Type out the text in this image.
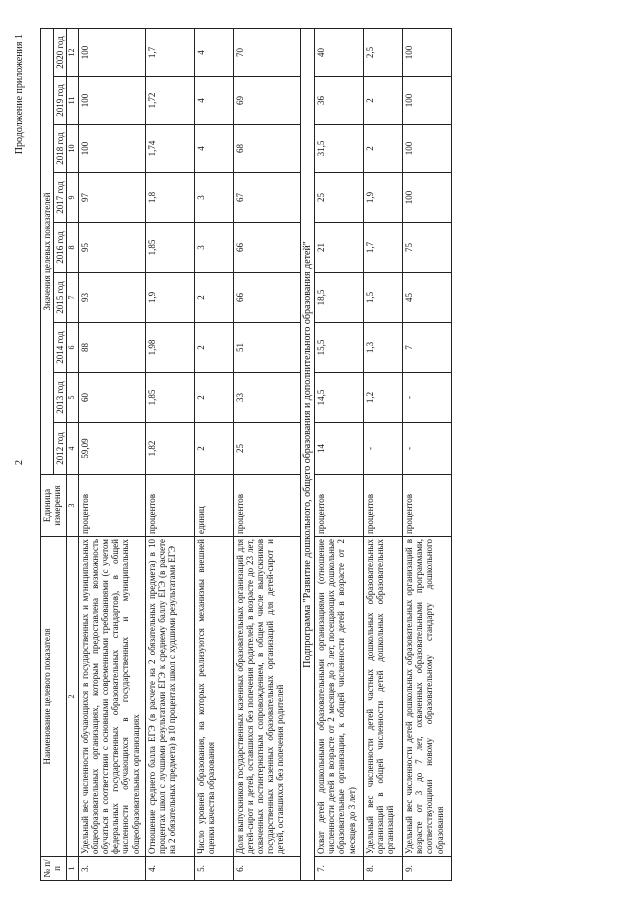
2
Продолжение приложения 1
№ п/п	Наименование целевого показателя	Единица измерения	Значения целевых показателей								
			2012 год	2013 год	2014 год	2015 год	2016 год	2017 год	2018 год	2019 год	2020 год
1	2	3	4	5	6	7	8	9	10	11	12
3.	Удельный вес численности обучающихся в государственных и муниципальных общеобразовательных организациях, которым предоставлена возможность обучаться в соответствии с основными современными требованиями (с учетом федеральных государственных образовательных стандартов), в общей численности обучающихся в государственных и муниципальных общеобразовательных организациях	процентов	59,09	60	88	93	95	97	100	100	100
4.	Отношение среднего балла ЕГЭ (в расчете на 2 обязательных предмета) в 10 процентах школ с лучшими результатами ЕГЭ к среднему баллу ЕГЭ (в расчете на 2 обязательных предмета) в 10 процентах школ с худшими результатами ЕГЭ	процентов	1,82	1,85	1,98	1,9	1,85	1,8	1,74	1,72	1,7
5.	Число уровней образования, на которых реализуются механизмы внешней оценки качества образования	единиц	2	2	2	2	3	3	4	4	4
6.	Доля выпускников государственных казенных образовательных организаций для детей-сирот и детей, оставшихся без попечения родителей, в возрасте до 23 лет, охваченных постинтернатным сопровождением, в общем числе выпускников государственных казенных образовательных организаций для детей-сирот и детей, оставшихся без попечения родителей	процентов	25	33	51	66	66	67	68	69	70
Подпрограмма "Развитие дошкольного, общего образования и дополнительного образования детей"											
7.	Охват детей дошкольными образовательными организациями (отношение численности детей в возрасте от 2 месяцев до 3 лет, посещающих дошкольные образовательные организации, к общей численности детей в возрасте от 2 месяцев до 3 лет)	процентов	14	14,5	15,5	18,5	21	25	31,5	36	40
8.	Удельный вес численности детей частных дошкольных образовательных организаций в общей численности детей дошкольных образовательных организаций	процентов	-	1,2	1,3	1,5	1,7	1,9	2	2	2,5
9.	Удельный вес численности детей дошкольных образовательных организаций в возрасте от 3 до 7 лет, охваченных образовательными программами, соответствующими новому образовательному стандарту дошкольного образования	процентов	-	-	7	45	75	100	100	100	100
